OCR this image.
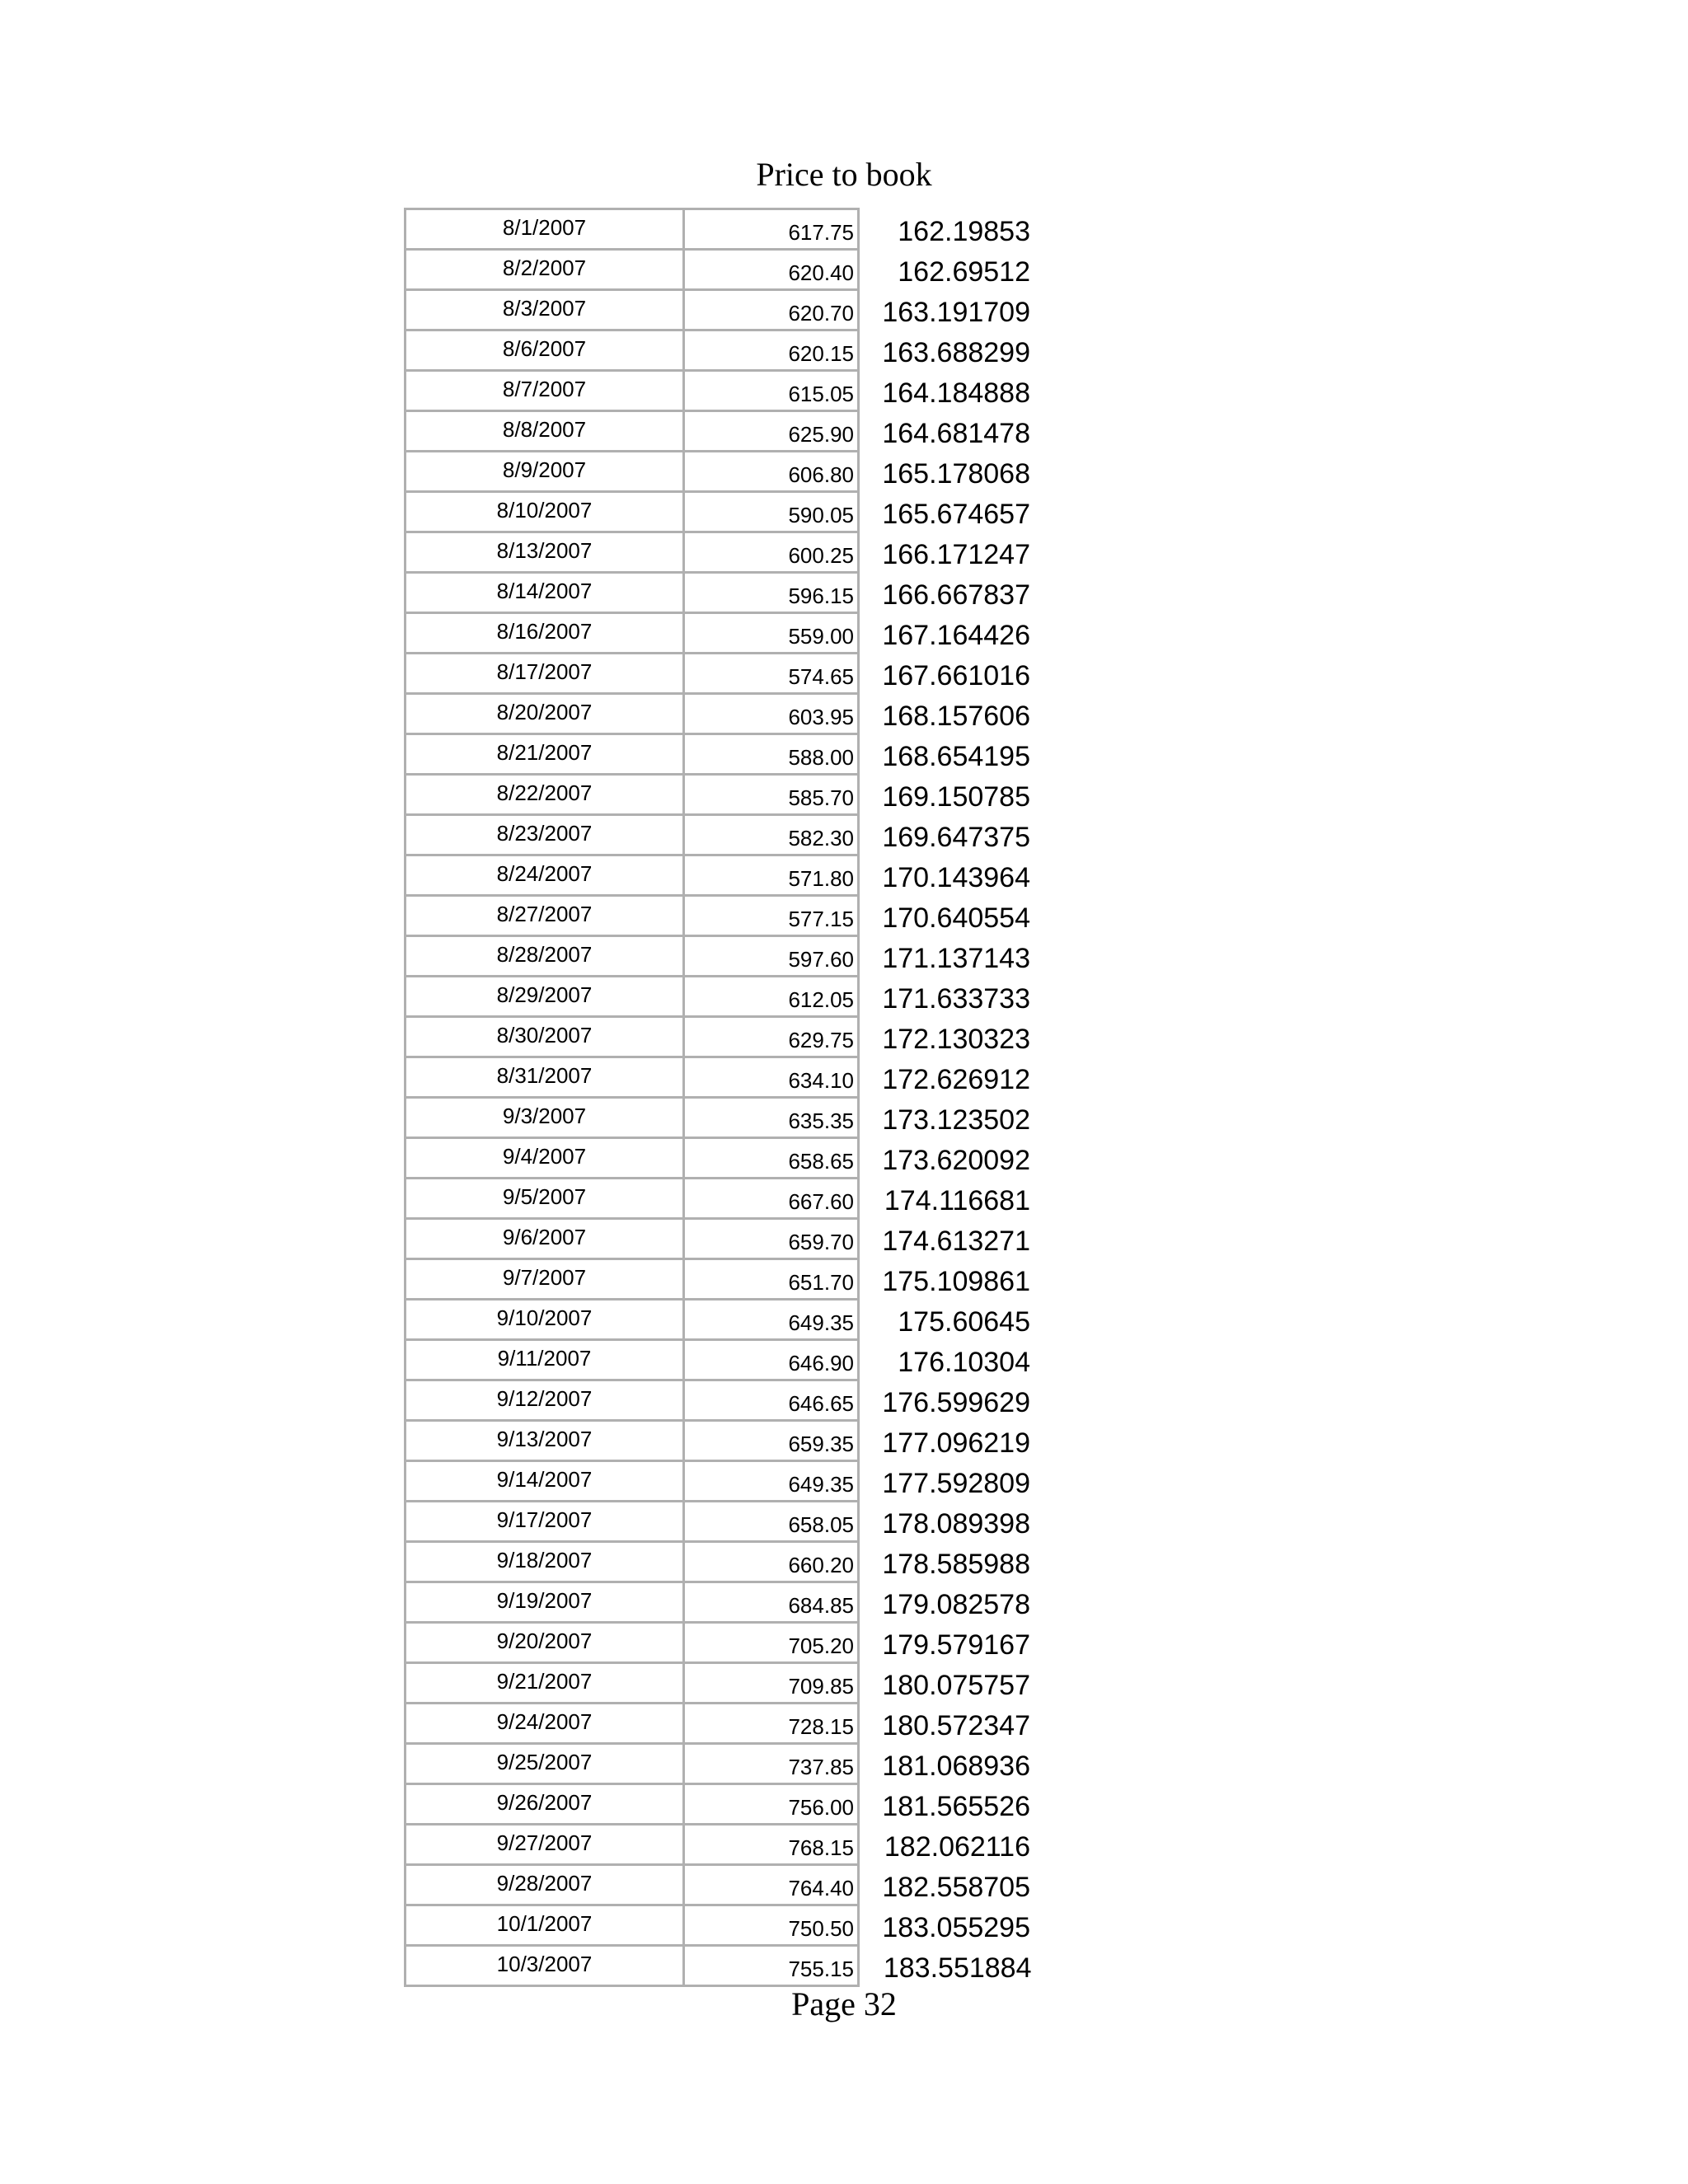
Price to book
8/1/2007	617.75	162.19853
8/2/2007	620.40	162.69512
8/3/2007	620.70	163.191709
8/6/2007	620.15	163.688299
8/7/2007	615.05	164.184888
8/8/2007	625.90	164.681478
8/9/2007	606.80	165.178068
8/10/2007	590.05	165.674657
8/13/2007	600.25	166.171247
8/14/2007	596.15	166.667837
8/16/2007	559.00	167.164426
8/17/2007	574.65	167.661016
8/20/2007	603.95	168.157606
8/21/2007	588.00	168.654195
8/22/2007	585.70	169.150785
8/23/2007	582.30	169.647375
8/24/2007	571.80	170.143964
8/27/2007	577.15	170.640554
8/28/2007	597.60	171.137143
8/29/2007	612.05	171.633733
8/30/2007	629.75	172.130323
8/31/2007	634.10	172.626912
9/3/2007	635.35	173.123502
9/4/2007	658.65	173.620092
9/5/2007	667.60	174.116681
9/6/2007	659.70	174.613271
9/7/2007	651.70	175.109861
9/10/2007	649.35	175.60645
9/11/2007	646.90	176.10304
9/12/2007	646.65	176.599629
9/13/2007	659.35	177.096219
9/14/2007	649.35	177.592809
9/17/2007	658.05	178.089398
9/18/2007	660.20	178.585988
9/19/2007	684.85	179.082578
9/20/2007	705.20	179.579167
9/21/2007	709.85	180.075757
9/24/2007	728.15	180.572347
9/25/2007	737.85	181.068936
9/26/2007	756.00	181.565526
9/27/2007	768.15	182.062116
9/28/2007	764.40	182.558705
10/1/2007	750.50	183.055295
10/3/2007	755.15	183.551884
Page 32
